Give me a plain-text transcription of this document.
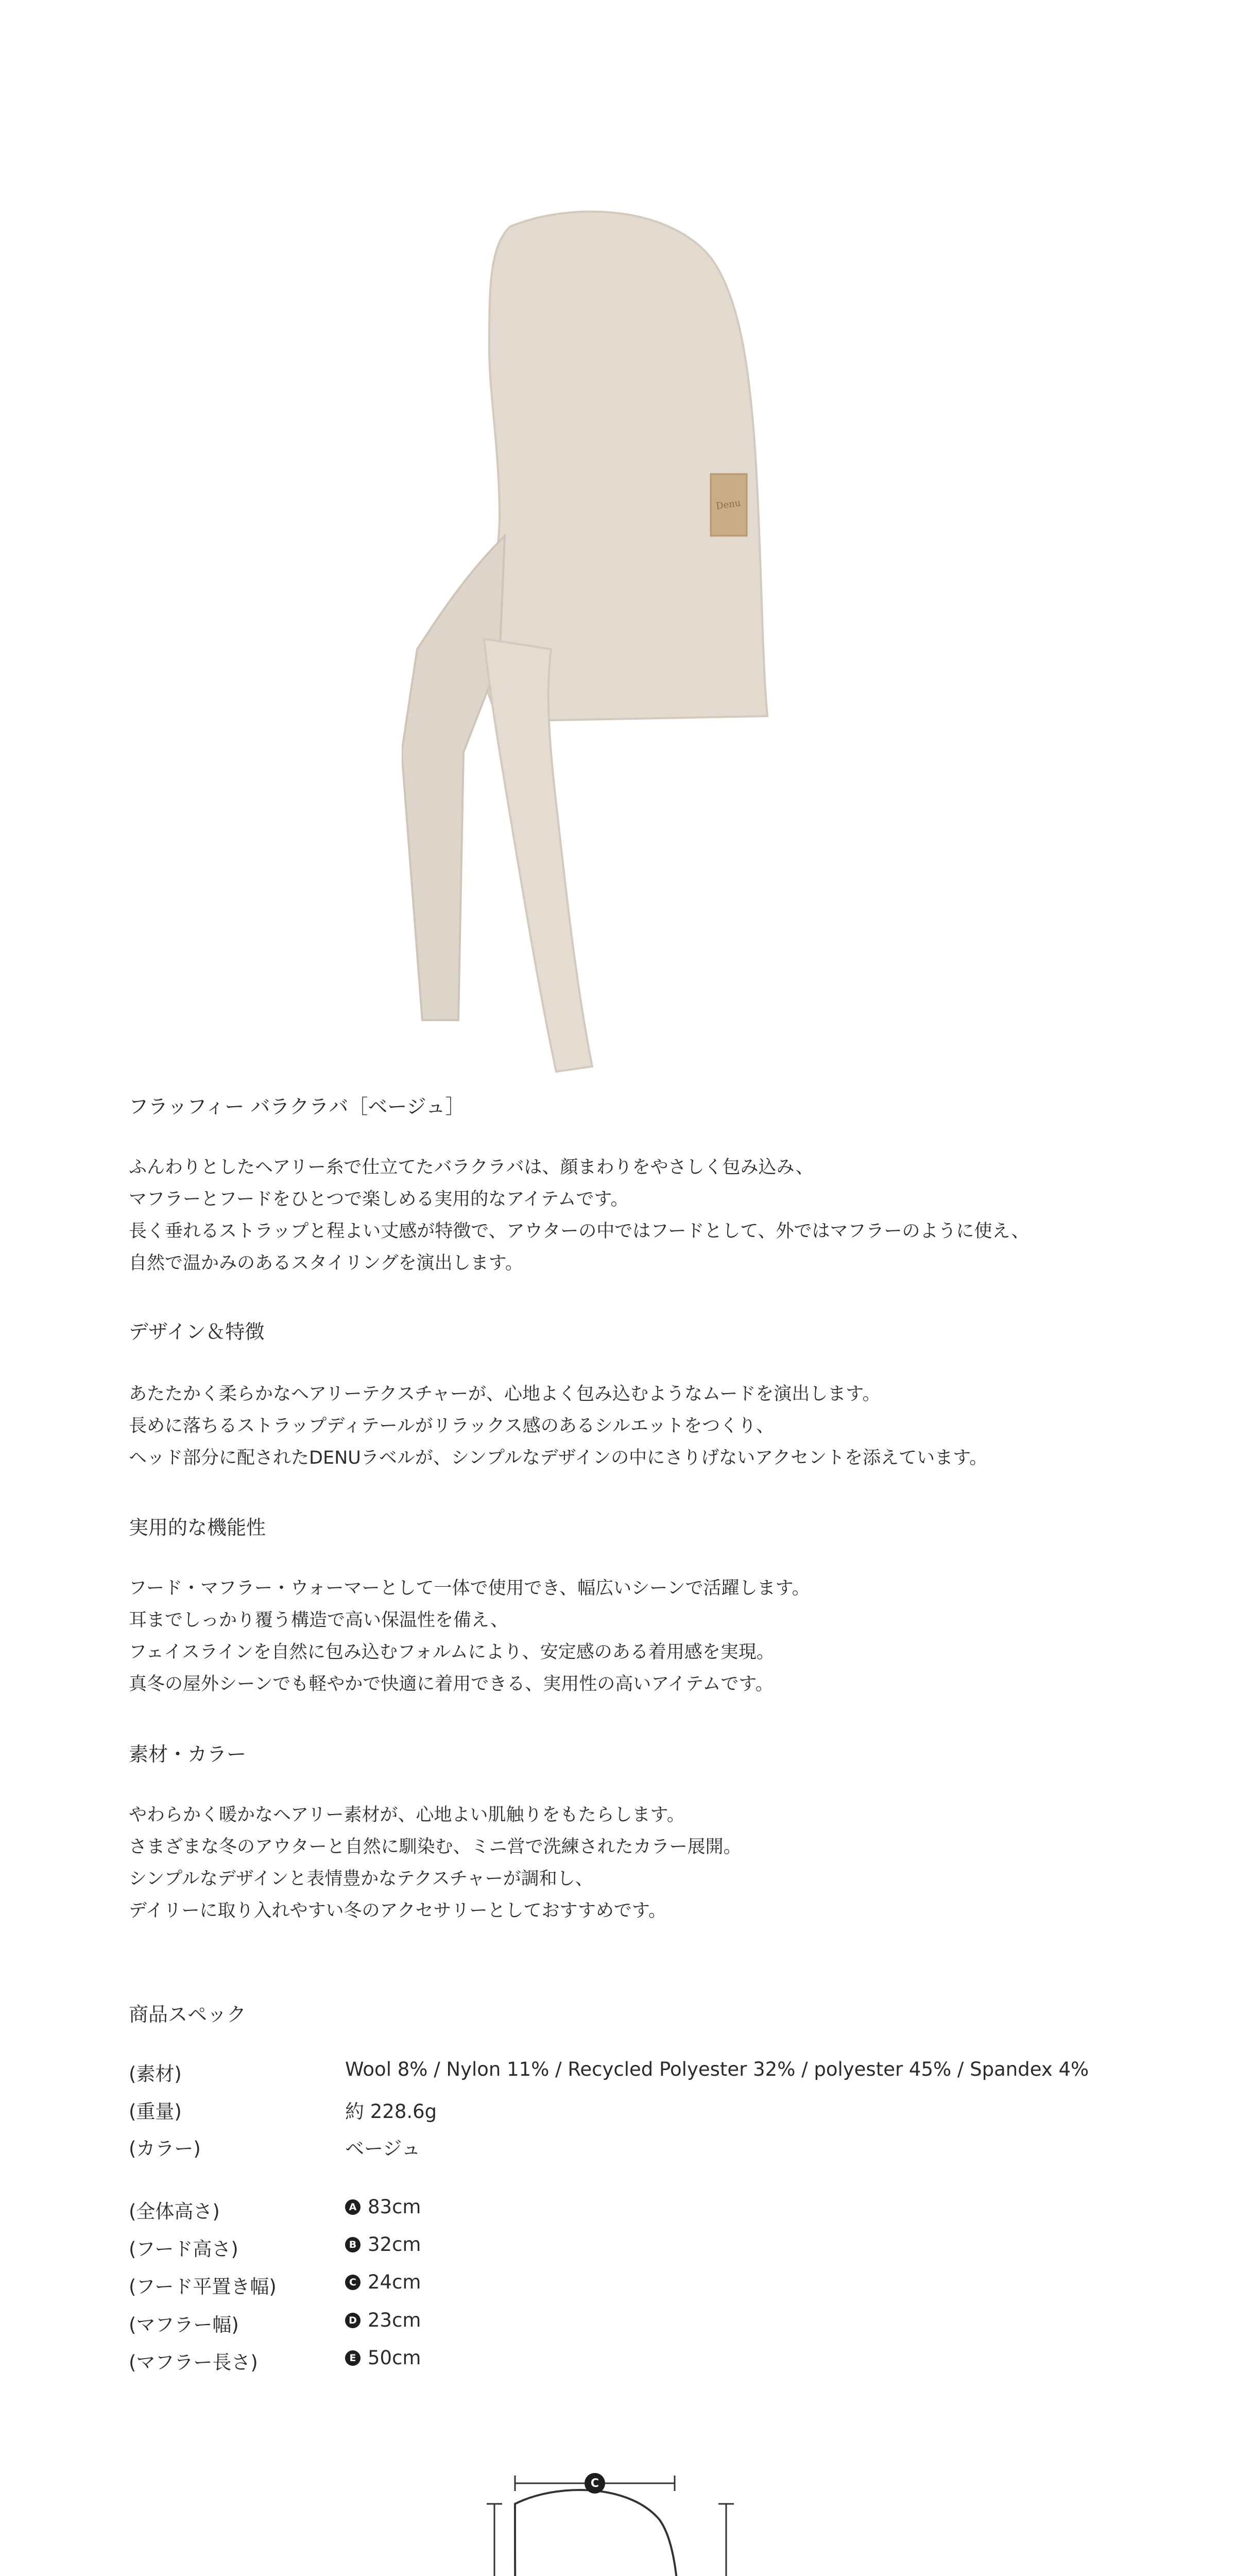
Denu

フラッフィー バラクラバ［ベージュ］

ふんわりとしたヘアリー糸で仕立てたバラクラバは、顔まわりをやさしく包み込み、

マフラーとフードをひとつで楽しめる実用的なアイテムです。

長く垂れるストラップと程よい丈感が特徴で、アウターの中ではフードとして、外ではマフラーのように使え、

自然で温かみのあるスタイリングを演出します。

デザイン＆特徴

あたたかく柔らかなヘアリーテクスチャーが、心地よく包み込むようなムードを演出します。

長めに落ちるストラップディテールがリラックス感のあるシルエットをつくり、

ヘッド部分に配されたDENUラベルが、シンプルなデザインの中にさりげないアクセントを添えています。

実用的な機能性

フード・マフラー・ウォーマーとして一体で使用でき、幅広いシーンで活躍します。

耳までしっかり覆う構造で高い保温性を備え、

フェイスラインを自然に包み込むフォルムにより、安定感のある着用感を実現。

真冬の屋外シーンでも軽やかで快適に着用できる、実用性の高いアイテムです。

素材・カラー

やわらかく暖かなヘアリー素材が、心地よい肌触りをもたらします。

さまざまな冬のアウターと自然に馴染む、ミニ営で洗練されたカラー展開。

シンプルなデザインと表情豊かなテクスチャーが調和し、

デイリーに取り入れやすい冬のアクセサリーとしておすすめです。

商品スペック

(素材)	Wool 8% / Nylon 11% / Recycled Polyester 32% / polyester 45% / Spandex 4%
(重量)	約 228.6g
(カラー)	ベージュ
(全体高さ)	A 83cm
(フード高さ)	B 32cm
(フード平置き幅)	C 24cm
(マフラー幅)	D 23cm
(マフラー長さ)	E 50cm
C
